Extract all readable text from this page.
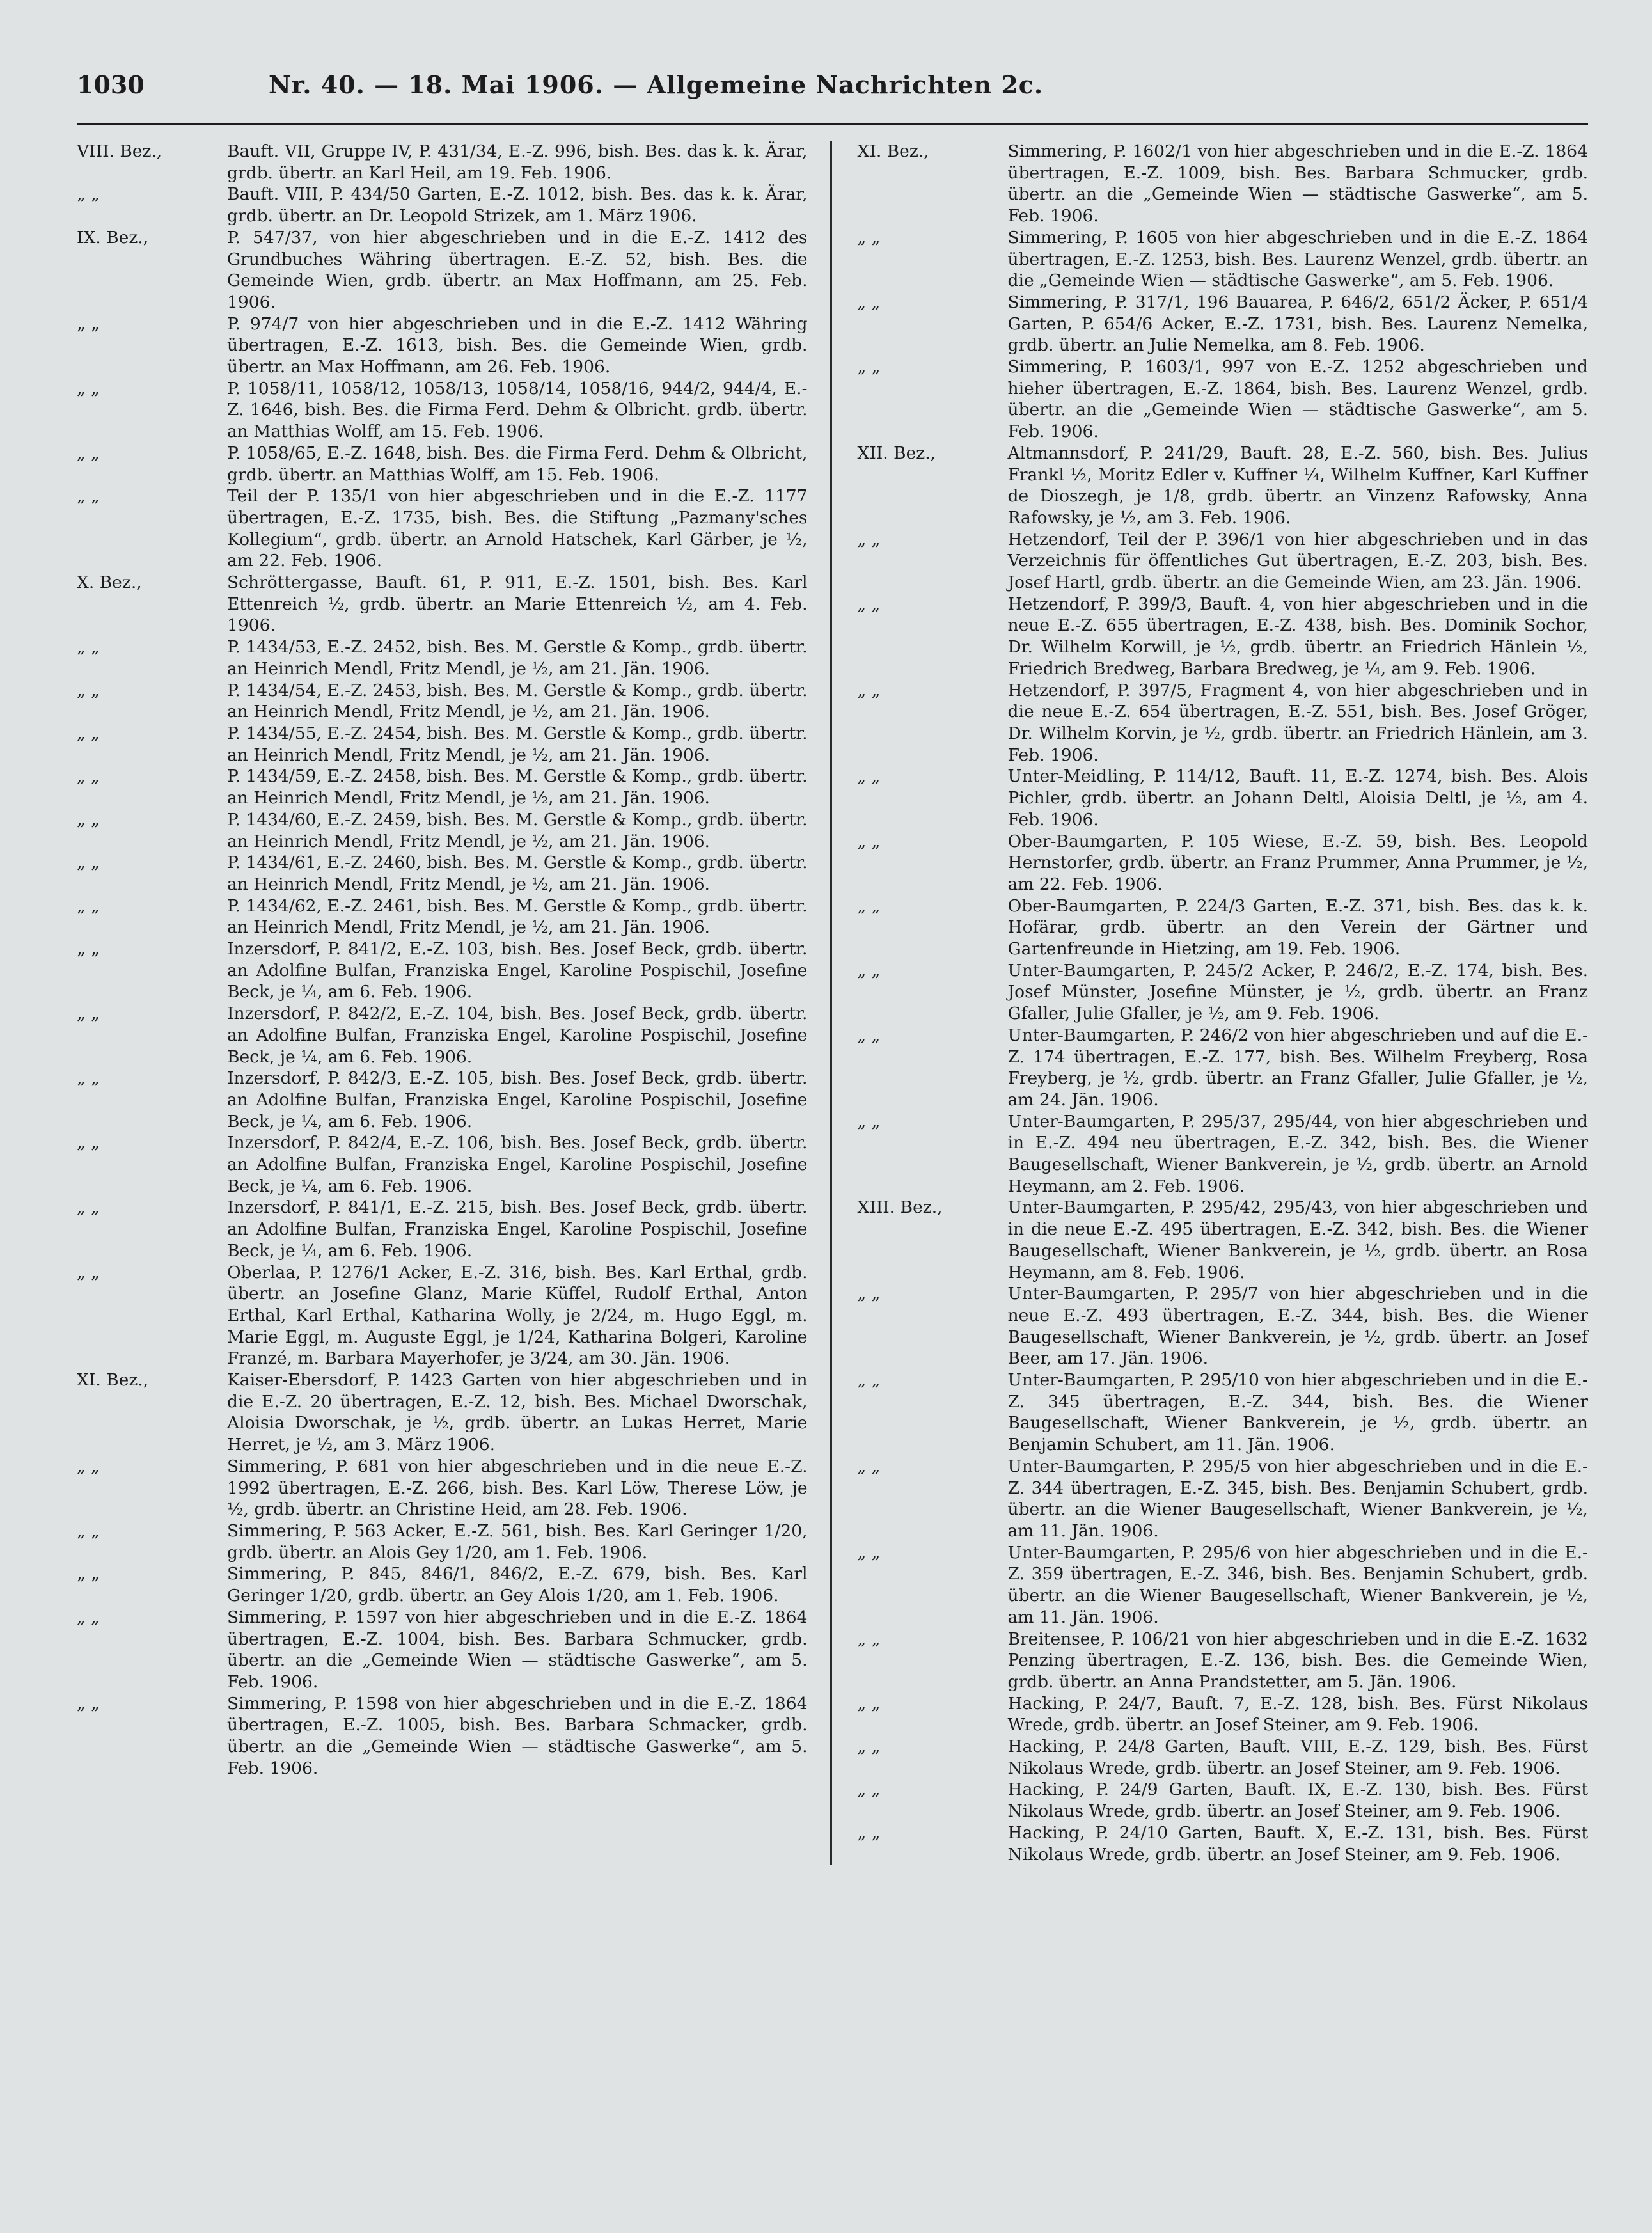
1030	Nr. 40. — 18. Mai 1906. — Allgemeine Nachrichten 2c.
VIII. Bez.,	Bauft. VII, Gruppe IV, P. 431/34, E.-Z. 996, bish. Bes. das k. k. Ärar, grdb. übertr. an Karl Heil, am 19. Feb. 1906.
„ „	Bauft. VIII, P. 434/50 Garten, E.-Z. 1012, bish. Bes. das k. k. Ärar, grdb. übertr. an Dr. Leopold Strizek, am 1. März 1906.
IX. Bez.,	P. 547/37, von hier abgeschrieben und in die E.-Z. 1412 des Grundbuches Währing übertragen. E.-Z. 52, bish. Bes. die Gemeinde Wien, grdb. übertr. an Max Hoffmann, am 25. Feb. 1906.
„ „	P. 974/7 von hier abgeschrieben und in die E.-Z. 1412 Währing übertragen, E.-Z. 1613, bish. Bes. die Gemeinde Wien, grdb. übertr. an Max Hoffmann, am 26. Feb. 1906.
„ „	P. 1058/11, 1058/12, 1058/13, 1058/14, 1058/16, 944/2, 944/4, E.-Z. 1646, bish. Bes. die Firma Ferd. Dehm & Olbricht. grdb. übertr. an Matthias Wolff, am 15. Feb. 1906.
„ „	P. 1058/65, E.-Z. 1648, bish. Bes. die Firma Ferd. Dehm & Olbricht, grdb. übertr. an Matthias Wolff, am 15. Feb. 1906.
„ „	Teil der P. 135/1 von hier abgeschrieben und in die E.-Z. 1177 übertragen, E.-Z. 1735, bish. Bes. die Stiftung „Pazmany'sches Kollegium“, grdb. übertr. an Arnold Hatschek, Karl Gärber, je ½, am 22. Feb. 1906.
X. Bez.,	Schröttergasse, Bauft. 61, P. 911, E.-Z. 1501, bish. Bes. Karl Ettenreich ½, grdb. übertr. an Marie Ettenreich ½, am 4. Feb. 1906.
„ „	P. 1434/53, E.-Z. 2452, bish. Bes. M. Gerstle & Komp., grdb. übertr. an Heinrich Mendl, Fritz Mendl, je ½, am 21. Jän. 1906.
„ „	P. 1434/54, E.-Z. 2453, bish. Bes. M. Gerstle & Komp., grdb. übertr. an Heinrich Mendl, Fritz Mendl, je ½, am 21. Jän. 1906.
„ „	P. 1434/55, E.-Z. 2454, bish. Bes. M. Gerstle & Komp., grdb. übertr. an Heinrich Mendl, Fritz Mendl, je ½, am 21. Jän. 1906.
„ „	P. 1434/59, E.-Z. 2458, bish. Bes. M. Gerstle & Komp., grdb. übertr. an Heinrich Mendl, Fritz Mendl, je ½, am 21. Jän. 1906.
„ „	P. 1434/60, E.-Z. 2459, bish. Bes. M. Gerstle & Komp., grdb. übertr. an Heinrich Mendl, Fritz Mendl, je ½, am 21. Jän. 1906.
„ „	P. 1434/61, E.-Z. 2460, bish. Bes. M. Gerstle & Komp., grdb. übertr. an Heinrich Mendl, Fritz Mendl, je ½, am 21. Jän. 1906.
„ „	P. 1434/62, E.-Z. 2461, bish. Bes. M. Gerstle & Komp., grdb. übertr. an Heinrich Mendl, Fritz Mendl, je ½, am 21. Jän. 1906.
„ „	Inzersdorf, P. 841/2, E.-Z. 103, bish. Bes. Josef Beck, grdb. übertr. an Adolfine Bulfan, Franziska Engel, Karoline Pospischil, Josefine Beck, je ¼, am 6. Feb. 1906.
„ „	Inzersdorf, P. 842/2, E.-Z. 104, bish. Bes. Josef Beck, grdb. übertr. an Adolfine Bulfan, Franziska Engel, Karoline Pospischil, Josefine Beck, je ¼, am 6. Feb. 1906.
„ „	Inzersdorf, P. 842/3, E.-Z. 105, bish. Bes. Josef Beck, grdb. übertr. an Adolfine Bulfan, Franziska Engel, Karoline Pospischil, Josefine Beck, je ¼, am 6. Feb. 1906.
„ „	Inzersdorf, P. 842/4, E.-Z. 106, bish. Bes. Josef Beck, grdb. übertr. an Adolfine Bulfan, Franziska Engel, Karoline Pospischil, Josefine Beck, je ¼, am 6. Feb. 1906.
„ „	Inzersdorf, P. 841/1, E.-Z. 215, bish. Bes. Josef Beck, grdb. übertr. an Adolfine Bulfan, Franziska Engel, Karoline Pospischil, Josefine Beck, je ¼, am 6. Feb. 1906.
„ „	Oberlaa, P. 1276/1 Acker, E.-Z. 316, bish. Bes. Karl Erthal, grdb. übertr. an Josefine Glanz, Marie Küffel, Rudolf Erthal, Anton Erthal, Karl Erthal, Katharina Wolly, je 2/24, m. Hugo Eggl, m. Marie Eggl, m. Auguste Eggl, je 1/24, Katharina Bolgeri, Karoline Franzé, m. Barbara Mayerhofer, je 3/24, am 30. Jän. 1906.
XI. Bez.,	Kaiser-Ebersdorf, P. 1423 Garten von hier abgeschrieben und in die E.-Z. 20 übertragen, E.-Z. 12, bish. Bes. Michael Dworschak, Aloisia Dworschak, je ½, grdb. übertr. an Lukas Herret, Marie Herret, je ½, am 3. März 1906.
„ „	Simmering, P. 681 von hier abgeschrieben und in die neue E.-Z. 1992 übertragen, E.-Z. 266, bish. Bes. Karl Löw, Therese Löw, je ½, grdb. übertr. an Christine Heid, am 28. Feb. 1906.
„ „	Simmering, P. 563 Acker, E.-Z. 561, bish. Bes. Karl Geringer 1/20, grdb. übertr. an Alois Gey 1/20, am 1. Feb. 1906.
„ „	Simmering, P. 845, 846/1, 846/2, E.-Z. 679, bish. Bes. Karl Geringer 1/20, grdb. übertr. an Gey Alois 1/20, am 1. Feb. 1906.
„ „	Simmering, P. 1597 von hier abgeschrieben und in die E.-Z. 1864 übertragen, E.-Z. 1004, bish. Bes. Barbara Schmucker, grdb. übertr. an die „Gemeinde Wien — städtische Gaswerke“, am 5. Feb. 1906.
„ „	Simmering, P. 1598 von hier abgeschrieben und in die E.-Z. 1864 übertragen, E.-Z. 1005, bish. Bes. Barbara Schmacker, grdb. übertr. an die „Gemeinde Wien — städtische Gaswerke“, am 5. Feb. 1906.
XI. Bez.,	Simmering, P. 1602/1 von hier abgeschrieben und in die E.-Z. 1864 übertragen, E.-Z. 1009, bish. Bes. Barbara Schmucker, grdb. übertr. an die „Gemeinde Wien — städtische Gaswerke“, am 5. Feb. 1906.
„ „	Simmering, P. 1605 von hier abgeschrieben und in die E.-Z. 1864 übertragen, E.-Z. 1253, bish. Bes. Laurenz Wenzel, grdb. übertr. an die „Gemeinde Wien — städtische Gaswerke“, am 5. Feb. 1906.
„ „	Simmering, P. 317/1, 196 Bauarea, P. 646/2, 651/2 Äcker, P. 651/4 Garten, P. 654/6 Acker, E.-Z. 1731, bish. Bes. Laurenz Nemelka, grdb. übertr. an Julie Nemelka, am 8. Feb. 1906.
„ „	Simmering, P. 1603/1, 997 von E.-Z. 1252 abgeschrieben und hieher übertragen, E.-Z. 1864, bish. Bes. Laurenz Wenzel, grdb. übertr. an die „Gemeinde Wien — städtische Gaswerke“, am 5. Feb. 1906.
XII. Bez.,	Altmannsdorf, P. 241/29, Bauft. 28, E.-Z. 560, bish. Bes. Julius Frankl ½, Moritz Edler v. Kuffner ¼, Wilhelm Kuffner, Karl Kuffner de Dioszegh, je 1/8, grdb. übertr. an Vinzenz Rafowsky, Anna Rafowsky, je ½, am 3. Feb. 1906.
„ „	Hetzendorf, Teil der P. 396/1 von hier abgeschrieben und in das Verzeichnis für öffentliches Gut übertragen, E.-Z. 203, bish. Bes. Josef Hartl, grdb. übertr. an die Gemeinde Wien, am 23. Jän. 1906.
„ „	Hetzendorf, P. 399/3, Bauft. 4, von hier abgeschrieben und in die neue E.-Z. 655 übertragen, E.-Z. 438, bish. Bes. Dominik Sochor, Dr. Wilhelm Korwill, je ½, grdb. übertr. an Friedrich Hänlein ½, Friedrich Bredweg, Barbara Bredweg, je ¼, am 9. Feb. 1906.
„ „	Hetzendorf, P. 397/5, Fragment 4, von hier abgeschrieben und in die neue E.-Z. 654 übertragen, E.-Z. 551, bish. Bes. Josef Gröger, Dr. Wilhelm Korvin, je ½, grdb. übertr. an Friedrich Hänlein, am 3. Feb. 1906.
„ „	Unter-Meidling, P. 114/12, Bauft. 11, E.-Z. 1274, bish. Bes. Alois Pichler, grdb. übertr. an Johann Deltl, Aloisia Deltl, je ½, am 4. Feb. 1906.
„ „	Ober-Baumgarten, P. 105 Wiese, E.-Z. 59, bish. Bes. Leopold Hernstorfer, grdb. übertr. an Franz Prummer, Anna Prummer, je ½, am 22. Feb. 1906.
„ „	Ober-Baumgarten, P. 224/3 Garten, E.-Z. 371, bish. Bes. das k. k. Hofärar, grdb. übertr. an den Verein der Gärtner und Gartenfreunde in Hietzing, am 19. Feb. 1906.
„ „	Unter-Baumgarten, P. 245/2 Acker, P. 246/2, E.-Z. 174, bish. Bes. Josef Münster, Josefine Münster, je ½, grdb. übertr. an Franz Gfaller, Julie Gfaller, je ½, am 9. Feb. 1906.
„ „	Unter-Baumgarten, P. 246/2 von hier abgeschrieben und auf die E.-Z. 174 übertragen, E.-Z. 177, bish. Bes. Wilhelm Freyberg, Rosa Freyberg, je ½, grdb. übertr. an Franz Gfaller, Julie Gfaller, je ½, am 24. Jän. 1906.
„ „	Unter-Baumgarten, P. 295/37, 295/44, von hier abgeschrieben und in E.-Z. 494 neu übertragen, E.-Z. 342, bish. Bes. die Wiener Baugesellschaft, Wiener Bankverein, je ½, grdb. übertr. an Arnold Heymann, am 2. Feb. 1906.
XIII. Bez.,	Unter-Baumgarten, P. 295/42, 295/43, von hier abgeschrieben und in die neue E.-Z. 495 übertragen, E.-Z. 342, bish. Bes. die Wiener Baugesellschaft, Wiener Bankverein, je ½, grdb. übertr. an Rosa Heymann, am 8. Feb. 1906.
„ „	Unter-Baumgarten, P. 295/7 von hier abgeschrieben und in die neue E.-Z. 493 übertragen, E.-Z. 344, bish. Bes. die Wiener Baugesellschaft, Wiener Bankverein, je ½, grdb. übertr. an Josef Beer, am 17. Jän. 1906.
„ „	Unter-Baumgarten, P. 295/10 von hier abgeschrieben und in die E.-Z. 345 übertragen, E.-Z. 344, bish. Bes. die Wiener Baugesellschaft, Wiener Bankverein, je ½, grdb. übertr. an Benjamin Schubert, am 11. Jän. 1906.
„ „	Unter-Baumgarten, P. 295/5 von hier abgeschrieben und in die E.-Z. 344 übertragen, E.-Z. 345, bish. Bes. Benjamin Schubert, grdb. übertr. an die Wiener Baugesellschaft, Wiener Bankverein, je ½, am 11. Jän. 1906.
„ „	Unter-Baumgarten, P. 295/6 von hier abgeschrieben und in die E.-Z. 359 übertragen, E.-Z. 346, bish. Bes. Benjamin Schubert, grdb. übertr. an die Wiener Baugesellschaft, Wiener Bankverein, je ½, am 11. Jän. 1906.
„ „	Breitensee, P. 106/21 von hier abgeschrieben und in die E.-Z. 1632 Penzing übertragen, E.-Z. 136, bish. Bes. die Gemeinde Wien, grdb. übertr. an Anna Prandstetter, am 5. Jän. 1906.
„ „	Hacking, P. 24/7, Bauft. 7, E.-Z. 128, bish. Bes. Fürst Nikolaus Wrede, grdb. übertr. an Josef Steiner, am 9. Feb. 1906.
„ „	Hacking, P. 24/8 Garten, Bauft. VIII, E.-Z. 129, bish. Bes. Fürst Nikolaus Wrede, grdb. übertr. an Josef Steiner, am 9. Feb. 1906.
„ „	Hacking, P. 24/9 Garten, Bauft. IX, E.-Z. 130, bish. Bes. Fürst Nikolaus Wrede, grdb. übertr. an Josef Steiner, am 9. Feb. 1906.
„ „	Hacking, P. 24/10 Garten, Bauft. X, E.-Z. 131, bish. Bes. Fürst Nikolaus Wrede, grdb. übertr. an Josef Steiner, am 9. Feb. 1906.
